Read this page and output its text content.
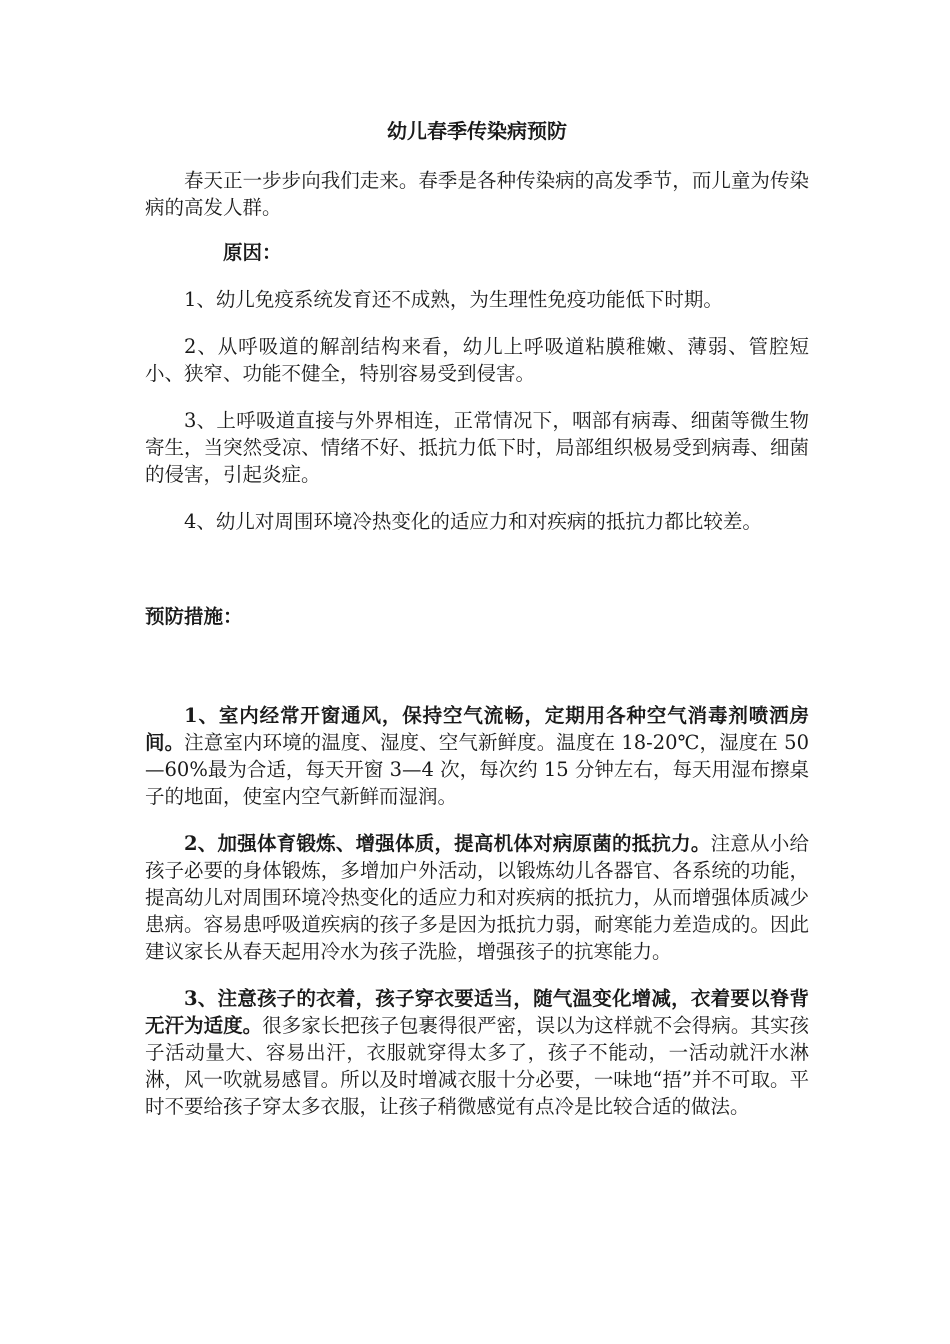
幼儿春季传染病预防

春天正一步步向我们走来。春季是各种传染病的高发季节，而儿童为传染病的高发人群。

原因：

1、幼儿免疫系统发育还不成熟，为生理性免疫功能低下时期。

2、从呼吸道的解剖结构来看，幼儿上呼吸道粘膜稚嫩、薄弱、管腔短小、狭窄、功能不健全，特别容易受到侵害。

3、上呼吸道直接与外界相连，正常情况下，咽部有病毒、细菌等微生物寄生，当突然受凉、情绪不好、抵抗力低下时，局部组织极易受到病毒、细菌的侵害，引起炎症。

4、幼儿对周围环境冷热变化的适应力和对疾病的抵抗力都比较差。

预防措施：

1、室内经常开窗通风，保持空气流畅，定期用各种空气消毒剂喷洒房间。注意室内环境的温度、湿度、空气新鲜度。温度在 18-20℃，湿度在 50—60%最为合适，每天开窗 3—4 次，每次约 15 分钟左右，每天用湿布擦桌子的地面，使室内空气新鲜而湿润。

2、加强体育锻炼、增强体质，提高机体对病原菌的抵抗力。注意从小给孩子必要的身体锻炼，多增加户外活动，以锻炼幼儿各器官、各系统的功能，提高幼儿对周围环境冷热变化的适应力和对疾病的抵抗力，从而增强体质减少患病。容易患呼吸道疾病的孩子多是因为抵抗力弱，耐寒能力差造成的。因此建议家长从春天起用冷水为孩子洗脸，增强孩子的抗寒能力。

3、注意孩子的衣着，孩子穿衣要适当，随气温变化增减，衣着要以脊背无汗为适度。很多家长把孩子包裹得很严密，误以为这样就不会得病。其实孩子活动量大、容易出汗，衣服就穿得太多了，孩子不能动，一活动就汗水淋淋，风一吹就易感冒。所以及时增减衣服十分必要，一味地“捂”并不可取。平时不要给孩子穿太多衣服，让孩子稍微感觉有点冷是比较合适的做法。
